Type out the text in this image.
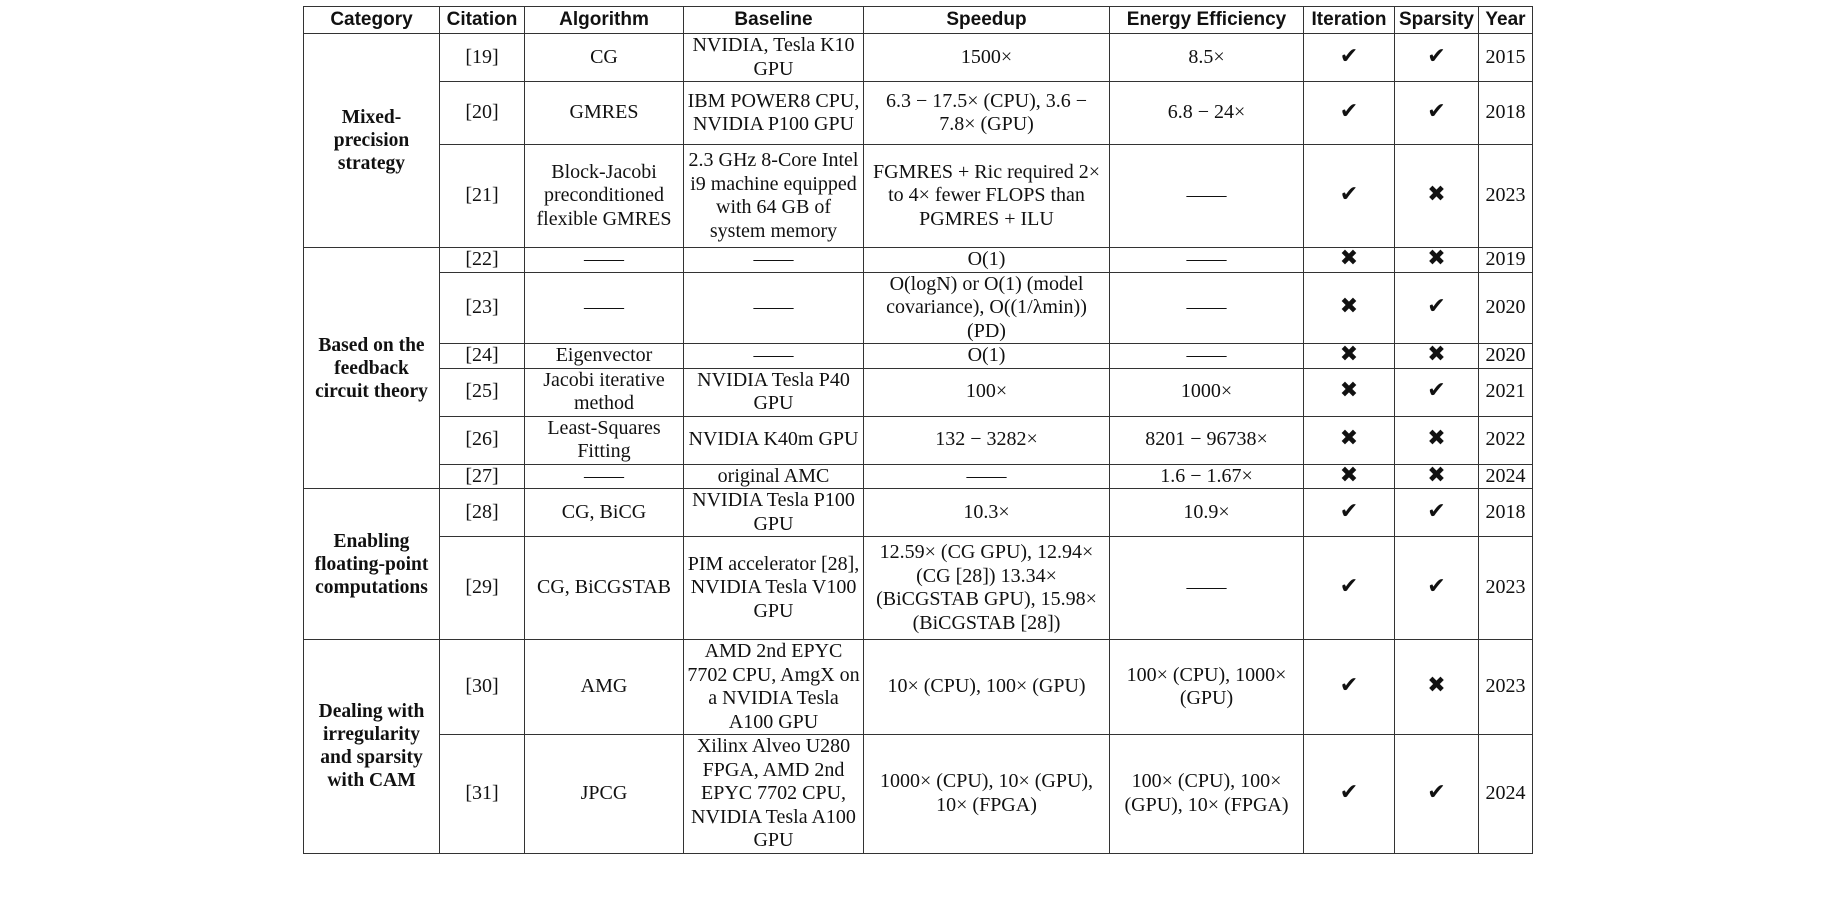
Category	Citation	Algorithm	Baseline	Speedup	Energy Efficiency	Iteration	Sparsity	Year

Mixed-precision strategy	[19]	CG	NVIDIA, Tesla K10 GPU	1500×	8.5×	✔	✔	2015
	[20]	GMRES	IBM POWER8 CPU, NVIDIA P100 GPU	6.3 − 17.5× (CPU), 3.6 − 7.8× (GPU)	6.8 − 24×	✔	✔	2018
	[21]	Block-Jacobi preconditioned flexible GMRES	2.3 GHz 8-Core Intel i9 machine equipped with 64 GB of system memory	FGMRES + Ric required 2× to 4× fewer FLOPS than PGMRES + ILU	——	✔	✖	2023

Based on the feedback circuit theory	[22]	——	——	O(1)	——	✖	✖	2019
	[23]	——	——	O(logN) or O(1) (model covariance), O((1/λmin)) (PD)	——	✖	✔	2020
	[24]	Eigenvector	——	O(1)	——	✖	✖	2020
	[25]	Jacobi iterative method	NVIDIA Tesla P40 GPU	100×	1000×	✖	✔	2021
	[26]	Least-Squares Fitting	NVIDIA K40m GPU	132 − 3282×	8201 − 96738×	✖	✖	2022
	[27]	——	original AMC	——	1.6 − 1.67×	✖	✖	2024

Enabling floating-point computations	[28]	CG, BiCG	NVIDIA Tesla P100 GPU	10.3×	10.9×	✔	✔	2018
	[29]	CG, BiCGSTAB	PIM accelerator [28], NVIDIA Tesla V100 GPU	12.59× (CG GPU), 12.94× (CG [28]) 13.34× (BiCGSTAB GPU), 15.98× (BiCGSTAB [28])	——	✔	✔	2023

Dealing with irregularity and sparsity with CAM	[30]	AMG	AMD 2nd EPYC 7702 CPU, AmgX on a NVIDIA Tesla A100 GPU	10× (CPU), 100× (GPU)	100× (CPU), 1000× (GPU)	✔	✖	2023
	[31]	JPCG	Xilinx Alveo U280 FPGA, AMD 2nd EPYC 7702 CPU, NVIDIA Tesla A100 GPU	1000× (CPU), 10× (GPU), 10× (FPGA)	100× (CPU), 100× (GPU), 10× (FPGA)	✔	✔	2024
